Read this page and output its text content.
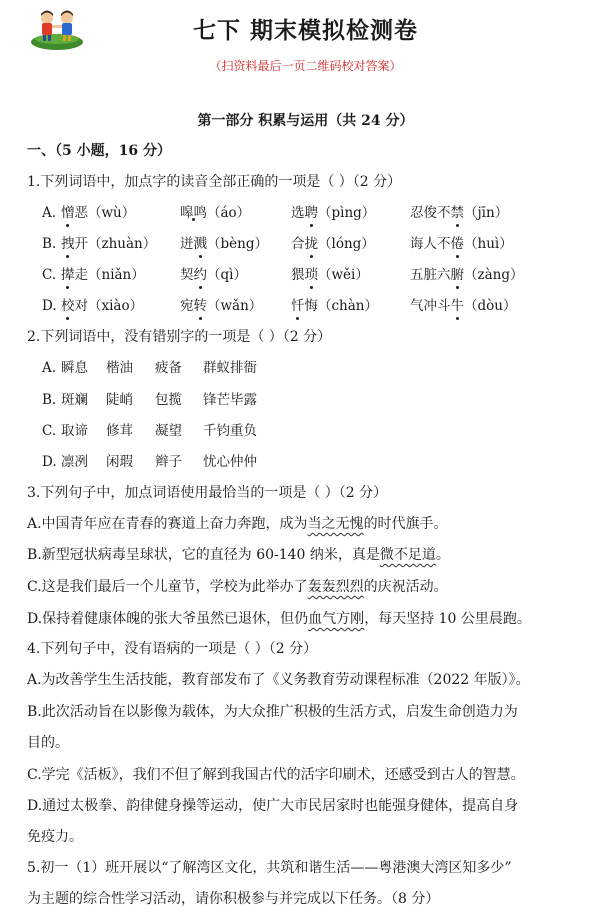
七下 期末模拟检测卷
（扫资料最后一页二维码校对答案）
第一部分 积累与运用（共 24 分）
一、（5 小题，16 分）
1.下列词语中，加点字的读音全部正确的一项是（ ）（2 分）
A. 憎恶（wù）	嗥鸣（áo）	选聘（pìng）	忍俊不禁（jīn）
B. 拽开（zhuàn） 迸溅（bèng） 合拢（lóng）	诲人不倦（huì）
C. 撵走（niǎn）	契约（qì）	猥琐（wěi）	五脏六腑（zàng）
D. 校对（xiào）	宛转（wǎn） 忏悔（chàn） 气冲斗牛（dòu）
2.下列词语中，没有错别字的一项是（ ）（2 分）
A. 瞬息 楷油 疲备 群蚁排衙
B. 斑斓 陡峭 包揽 锋芒毕露
C. 取谛 修茸 凝望 千钧重负
D. 凛冽 闲瑕 辫子 忧心仲仲
3.下列句子中，加点词语使用最恰当的一项是（ ）（2 分）
A.中国青年应在青春的赛道上奋力奔跑，成为当之无愧的时代旗手。
B.新型冠状病毒呈球状，它的直径为 60-140 纳米，真是微不足道。
C.这是我们最后一个儿童节，学校为此举办了轰轰烈烈的庆祝活动。
D.保持着健康体魄的张大爷虽然已退休，但仍血气方刚，每天坚持 10 公里晨跑。
4.下列句子中，没有语病的一项是（ ）（2 分）
A.为改善学生生活技能，教育部发布了《义务教育劳动课程标准（2022 年版）》。
B.此次活动旨在以影像为载体，为大众推广积极的生活方式，启发生命创造力为
目的。
C.学完《活板》，我们不但了解到我国古代的活字印刷术，还感受到古人的智慧。
D.通过太极拳、韵律健身操等运动，使广大市民居家时也能强身健体，提高自身
免疫力。
5.初一（1）班开展以“了解湾区文化，共筑和谐生活——粤港澳大湾区知多少”
为主题的综合性学习活动，请你积极参与并完成以下任务。（8 分）
